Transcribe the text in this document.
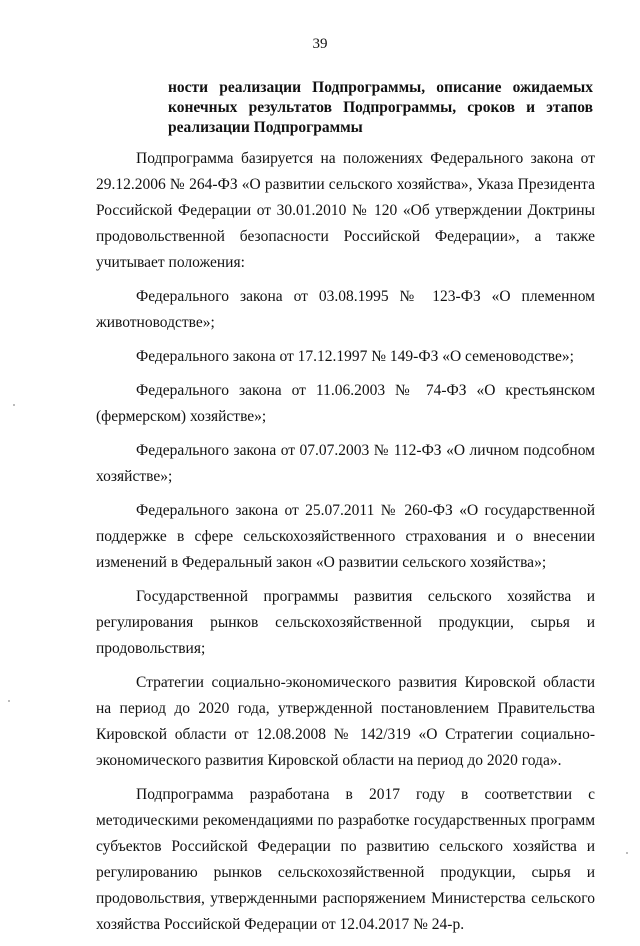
39
ности реализации Подпрограммы, описание ожидаемых конечных результатов Подпрограммы, сроков и этапов реализации Подпрограммы

Подпрограмма базируется на положениях Федерального закона от 29.12.2006 № 264-ФЗ «О развитии сельского хозяйства», Указа Президента Российской Федерации от 30.01.2010 № 120 «Об утверждении Доктрины продовольственной безопасности Российской Федерации», а также учитывает положения:

Федерального закона от 03.08.1995 № 123-ФЗ «О племенном животноводстве»;

Федерального закона от 17.12.1997 № 149-ФЗ «О семеноводстве»;

Федерального закона от 11.06.2003 № 74-ФЗ «О крестьянском (фермерском) хозяйстве»;

Федерального закона от 07.07.2003 № 112-ФЗ «О личном подсобном хозяйстве»;

Федерального закона от 25.07.2011 № 260-ФЗ «О государственной поддержке в сфере сельскохозяйственного страхования и о внесении изменений в Федеральный закон «О развитии сельского хозяйства»;

Государственной программы развития сельского хозяйства и регулирования рынков сельскохозяйственной продукции, сырья и продовольствия;

Стратегии социально-экономического развития Кировской области на период до 2020 года, утвержденной постановлением Правительства Кировской области от 12.08.2008 № 142/319 «О Стратегии социально-экономического развития Кировской области на период до 2020 года».

Подпрограмма разработана в 2017 году в соответствии с методическими рекомендациями по разработке государственных программ субъектов Российской Федерации по развитию сельского хозяйства и регулированию рынков сельскохозяйственной продукции, сырья и продовольствия, утвержденными распоряжением Министерства сельского хозяйства Российской Федерации от 12.04.2017 № 24-р.
